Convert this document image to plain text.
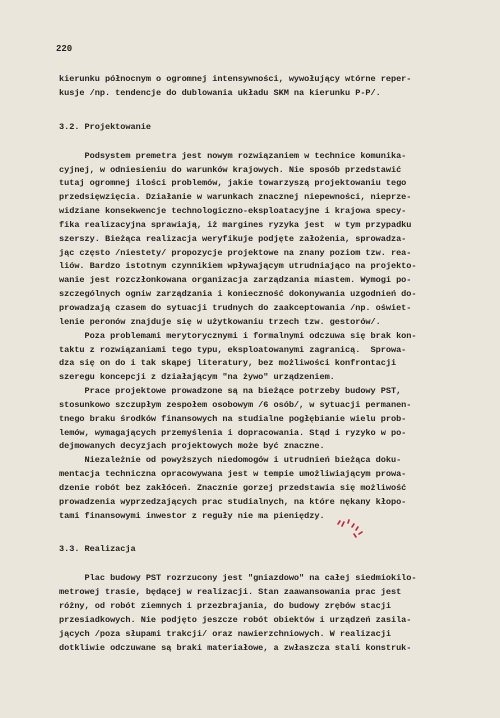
220
kierunku północnym o ogromnej intensywności, wywołujący wtórne reper-
kusje /np. tendencje do dublowania układu SKM na kierunku P-P/.
3.2. Projektowanie
Podsystem premetra jest nowym rozwiązaniem w technice komunika-
cyjnej, w odniesieniu do warunków krajowych. Nie sposób przedstawić
tutaj ogromnej ilości problemów, jakie towarzyszą projektowaniu tego
przedsięwzięcia. Działanie w warunkach znacznej niepewności, nieprze-
widziane konsekwencje technologiczno-eksploatacyjne i krajowa specy-
fika realizacyjna sprawiają, iż margines ryzyka jest  w tym przypadku
szerszy. Bieżąca realizacja weryfikuje podjęte założenia, sprowadza-
jąc często /niestety/ propozycje projektowe na znany poziom tzw. rea-
liów. Bardzo istotnym czynnikiem wpływającym utrudniająco na projekto-
wanie jest rozczłonkowana organizacja zarządzania miastem. Wymogi po-
szczególnych ogniw zarządzania i konieczność dokonywania uzgodnień do-
prowadzają czasem do sytuacji trudnych do zaakceptowania /np. oświet-
lenie peronów znajduje się w użytkowaniu trzech tzw. gestorów/.
Poza problemami merytorycznymi i formalnymi odczuwa się brak kon-
taktu z rozwiązaniami tego typu, eksploatowanymi zagranicą.  Sprowa-
dza się on do i tak skąpej literatury, bez możliwości konfrontacji
szeregu koncepcji z działającym "na żywo" urządzeniem.
Prace projektowe prowadzone są na bieżące potrzeby budowy PST,
stosunkowo szczupłym zespołem osobowym /6 osób/, w sytuacji permanen-
tnego braku środków finansowych na studialne pogłębianie wielu prob-
lemów, wymagających przemyślenia i dopracowania. Stąd i ryzyko w po-
dejmowanych decyzjach projektowych może być znaczne.
Niezależnie od powyższych niedomogów i utrudnień bieżąca doku-
mentacja techniczna opracowywana jest w tempie umożliwiającym prowa-
dzenie robót bez zakłóceń. Znacznie gorzej przedstawia się możliwość
prowadzenia wyprzedzających prac studialnych, na które nękany kłopo-
tami finansowymi inwestor z reguły nie ma pieniędzy.
3.3. Realizacja
Plac budowy PST rozrzucony jest "gniazdowo" na całej siedmiokilo-
metrowej trasie, będącej w realizacji. Stan zaawansowania prac jest
różny, od robót ziemnych i przezbrajania, do budowy zrębów stacji
przesiadkowych. Nie podjęto jeszcze robót obiektów i urządzeń zasila-
jących /poza słupami trakcji/ oraz nawierzchniowych. W realizacji
dotkliwie odczuwane są braki materiałowe, a zwłaszcza stali konstruk-
